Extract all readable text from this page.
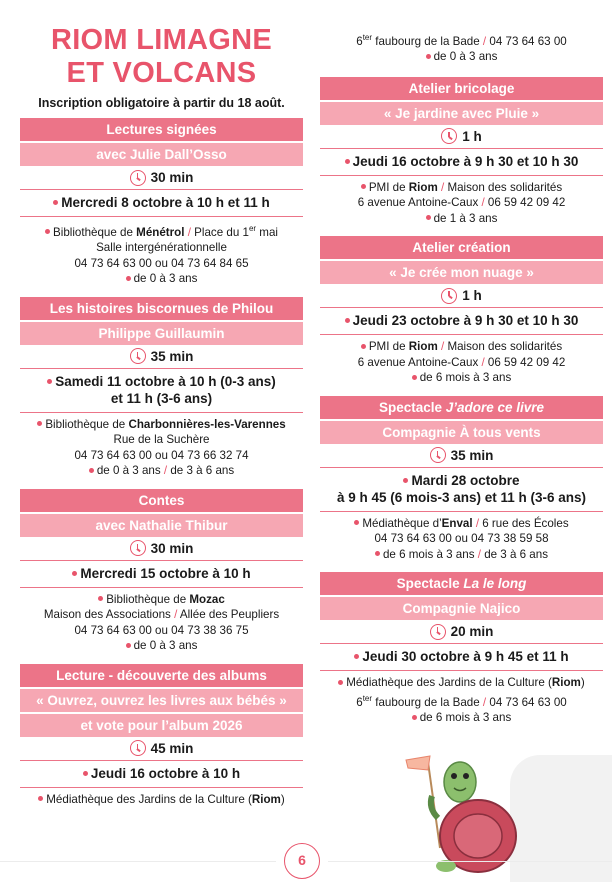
RIOM LIMAGNE
ET VOLCANS
Inscription obligatoire à partir du 18 août.
Lectures signées
avec Julie Dall’Osso
30 min
Mercredi 8 octobre à 10 h et 11 h
Bibliothèque de Ménétrol / Place du 1er mai
Salle intergénérationnelle
04 73 64 63 00 ou 04 73 64 84 65
de 0 à 3 ans
Les histoires biscornues de Philou
Philippe Guillaumin
35 min
Samedi 11 octobre à 10 h (0-3 ans)
et 11 h (3-6 ans)
Bibliothèque de Charbonnières-les-Varennes
Rue de la Suchère
04 73 64 63 00 ou 04 73 66 32 74
de 0 à 3 ans / de 3 à 6 ans
Contes
avec Nathalie Thibur
30 min
Mercredi 15 octobre à 10 h
Bibliothèque de Mozac
Maison des Associations / Allée des Peupliers
04 73 64 63 00 ou 04 73 38 36 75
de 0 à 3 ans
Lecture - découverte des albums
« Ouvrez, ouvrez les livres aux bébés »
et vote pour l’album 2026
45 min
Jeudi 16 octobre à 10 h
Médiathèque des Jardins de la Culture (Riom)
$6^{ter}$ faubourg de la Bade / 04 73 64 63 00
de 0 à 3 ans
Atelier bricolage
« Je jardine avec Pluie »
1 h
Jeudi 16 octobre à 9 h 30 et 10 h 30
PMI de Riom / Maison des solidarités
6 avenue Antoine-Caux / 06 59 42 09 42
de 1 à 3 ans
Atelier création
« Je crée mon nuage »
1 h
Jeudi 23 octobre à 9 h 30 et 10 h 30
PMI de Riom / Maison des solidarités
6 avenue Antoine-Caux / 06 59 42 09 42
de 6 mois à 3 ans
Spectacle J’adore ce livre
Compagnie À tous vents
35 min
Mardi 28 octobre
à 9 h 45 (6 mois-3 ans) et 11 h (3-6 ans)
Médiathèque d’Enval / 6 rue des Écoles
04 73 64 63 00 ou 04 73 38 59 58
de 6 mois à 3 ans / de 3 à 6 ans
Spectacle La le long
Compagnie Najico
20 min
Jeudi 30 octobre à 9 h 45 et 11 h
Médiathèque des Jardins de la Culture (Riom)
$6^{ter}$ faubourg de la Bade / 04 73 64 63 00
de 6 mois à 3 ans
6
